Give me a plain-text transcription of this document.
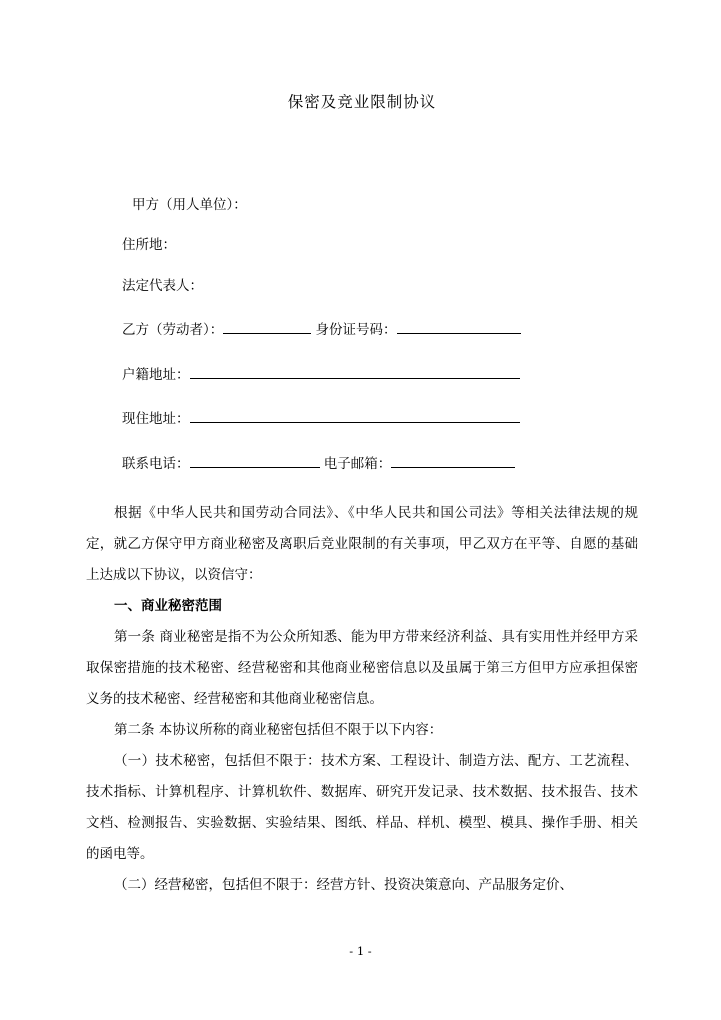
保密及竞业限制协议
甲方（用人单位）：
住所地：
法定代表人：
乙方（劳动者）：	身份证号码：
户籍地址：
现住地址：
联系电话：	电子邮箱：

根据《中华人民共和国劳动合同法》、《中华人民共和国公司法》等相关法律法规的规定，就乙方保守甲方商业秘密及离职后竞业限制的有关事项，甲乙双方在平等、自愿的基础上达成以下协议，以资信守：

一、商业秘密范围

第一条 商业秘密是指不为公众所知悉、能为甲方带来经济利益、具有实用性并经甲方采取保密措施的技术秘密、经营秘密和其他商业秘密信息以及虽属于第三方但甲方应承担保密义务的技术秘密、经营秘密和其他商业秘密信息。

第二条 本协议所称的商业秘密包括但不限于以下内容：

（一）技术秘密，包括但不限于：技术方案、工程设计、制造方法、配方、工艺流程、技术指标、计算机程序、计算机软件、数据库、研究开发记录、技术数据、技术报告、技术文档、检测报告、实验数据、实验结果、图纸、样品、样机、模型、模具、操作手册、相关的函电等。

（二）经营秘密，包括但不限于：经营方针、投资决策意向、产品服务定价、

- 1 -
